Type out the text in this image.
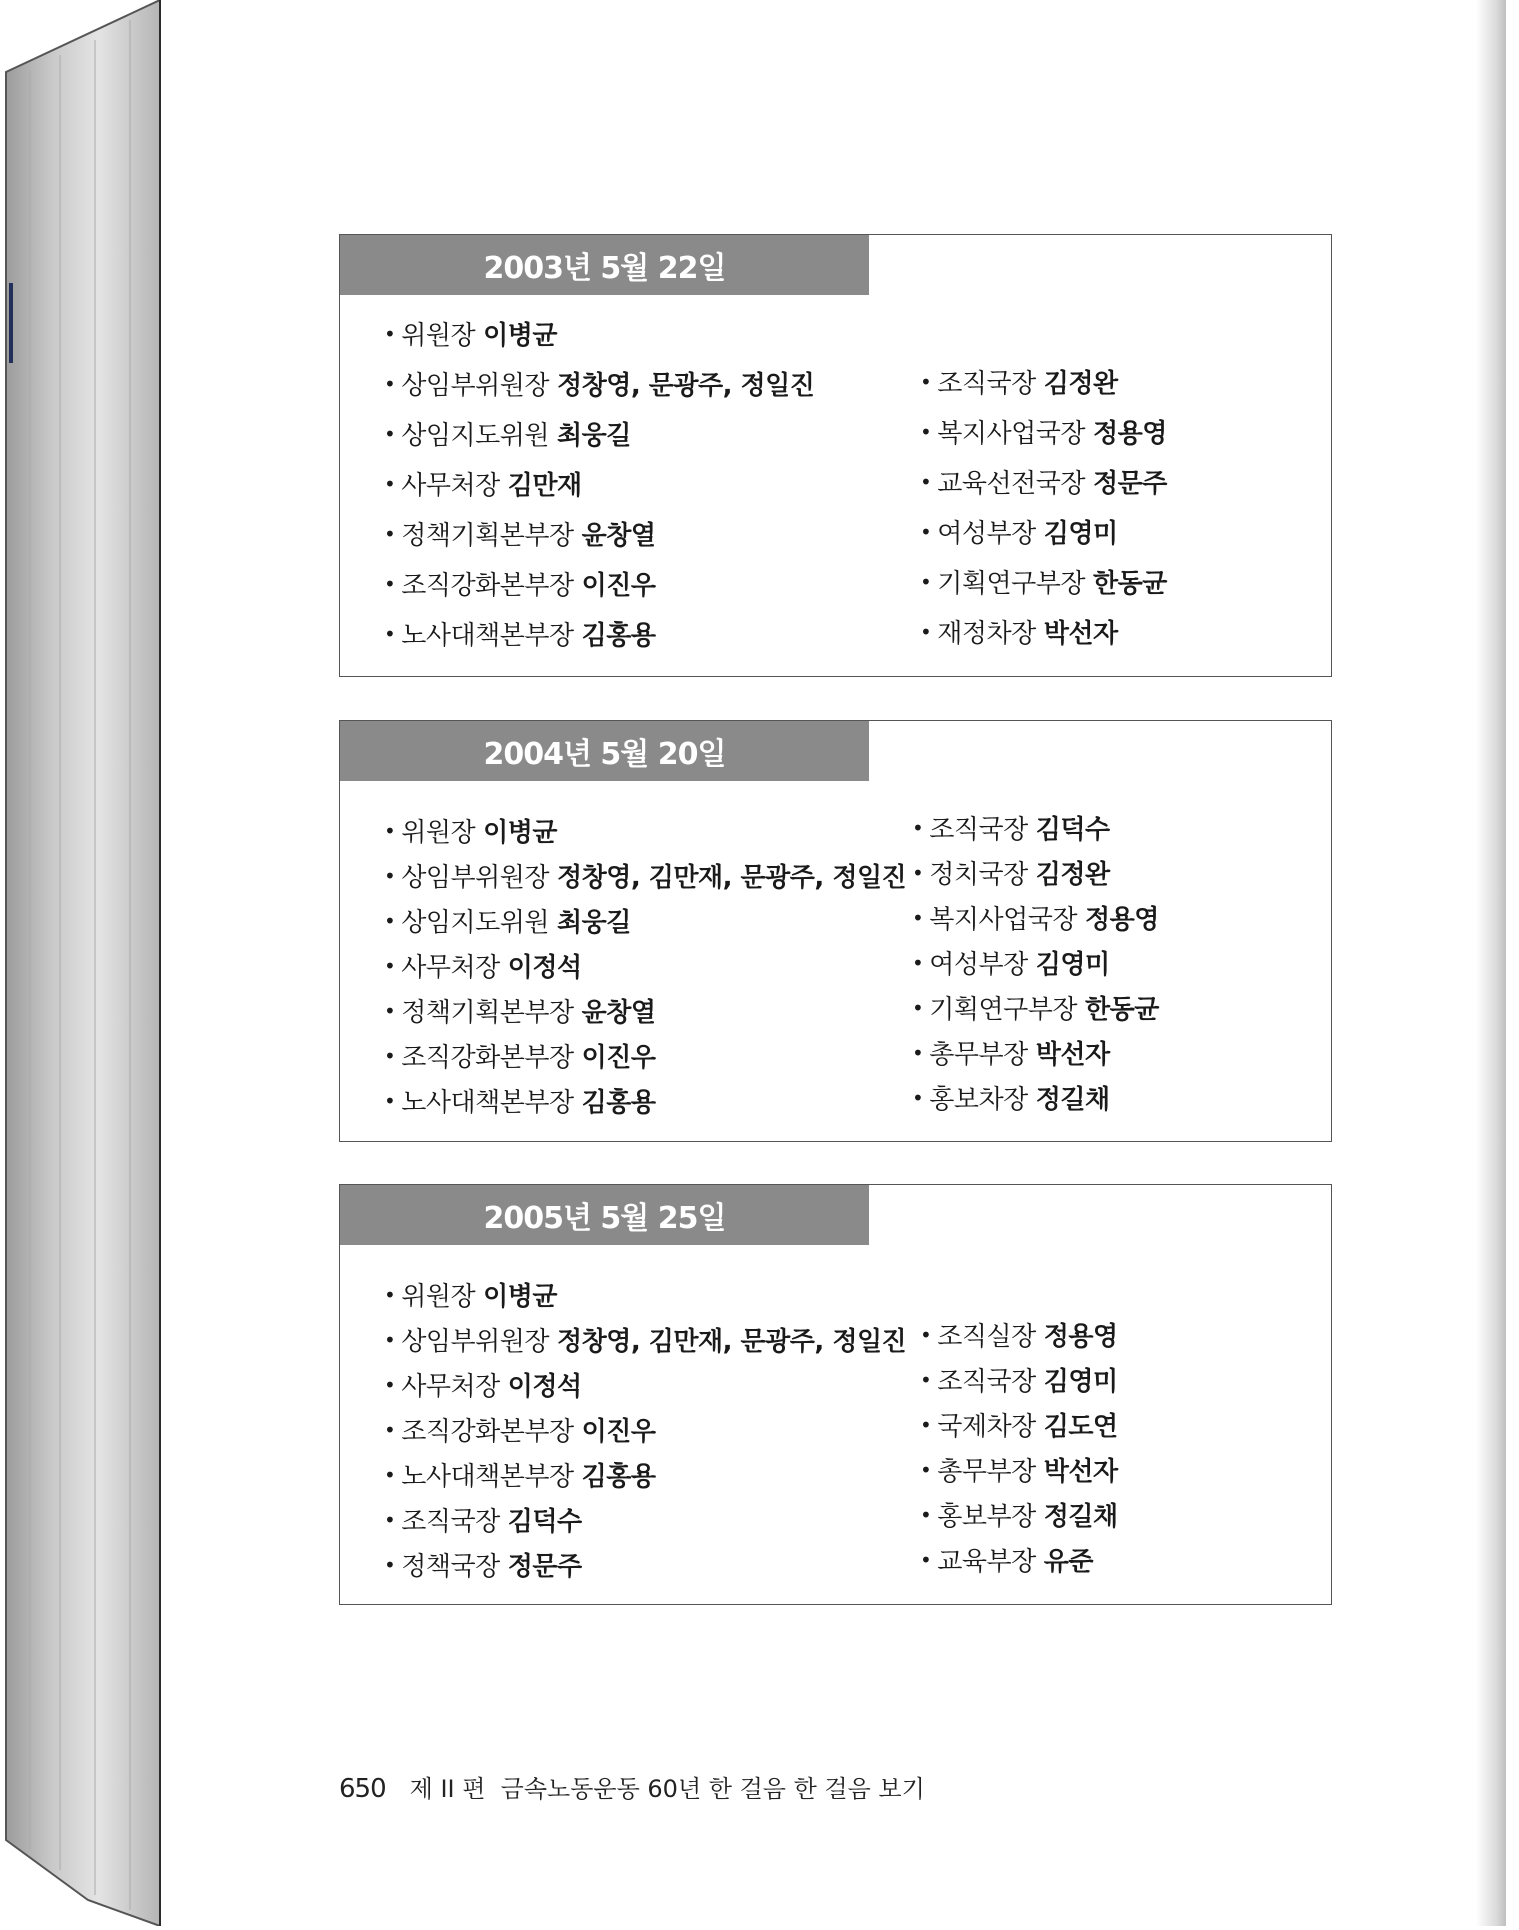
2003년 5월 22일
• 위원장 이병균
• 상임부위원장 정창영, 문광주, 정일진
• 상임지도위원 최웅길
• 사무처장 김만재
• 정책기획본부장 윤창열
• 조직강화본부장 이진우
• 노사대책본부장 김홍용
• 조직국장 김정완
• 복지사업국장 정용영
• 교육선전국장 정문주
• 여성부장 김영미
• 기획연구부장 한동균
• 재정차장 박선자
2004년 5월 20일
• 위원장 이병균
• 상임부위원장 정창영, 김만재, 문광주, 정일진
• 상임지도위원 최웅길
• 사무처장 이정석
• 정책기획본부장 윤창열
• 조직강화본부장 이진우
• 노사대책본부장 김홍용
• 조직국장 김덕수
• 정치국장 김정완
• 복지사업국장 정용영
• 여성부장 김영미
• 기획연구부장 한동균
• 총무부장 박선자
• 홍보차장 정길채
2005년 5월 25일
• 위원장 이병균
• 상임부위원장 정창영, 김만재, 문광주, 정일진
• 사무처장 이정석
• 조직강화본부장 이진우
• 노사대책본부장 김홍용
• 조직국장 김덕수
• 정책국장 정문주
• 조직실장 정용영
• 조직국장 김영미
• 국제차장 김도연
• 총무부장 박선자
• 홍보부장 정길채
• 교육부장 유준
650 제 II 편  금속노동운동 60년 한 걸음 한 걸음 보기
